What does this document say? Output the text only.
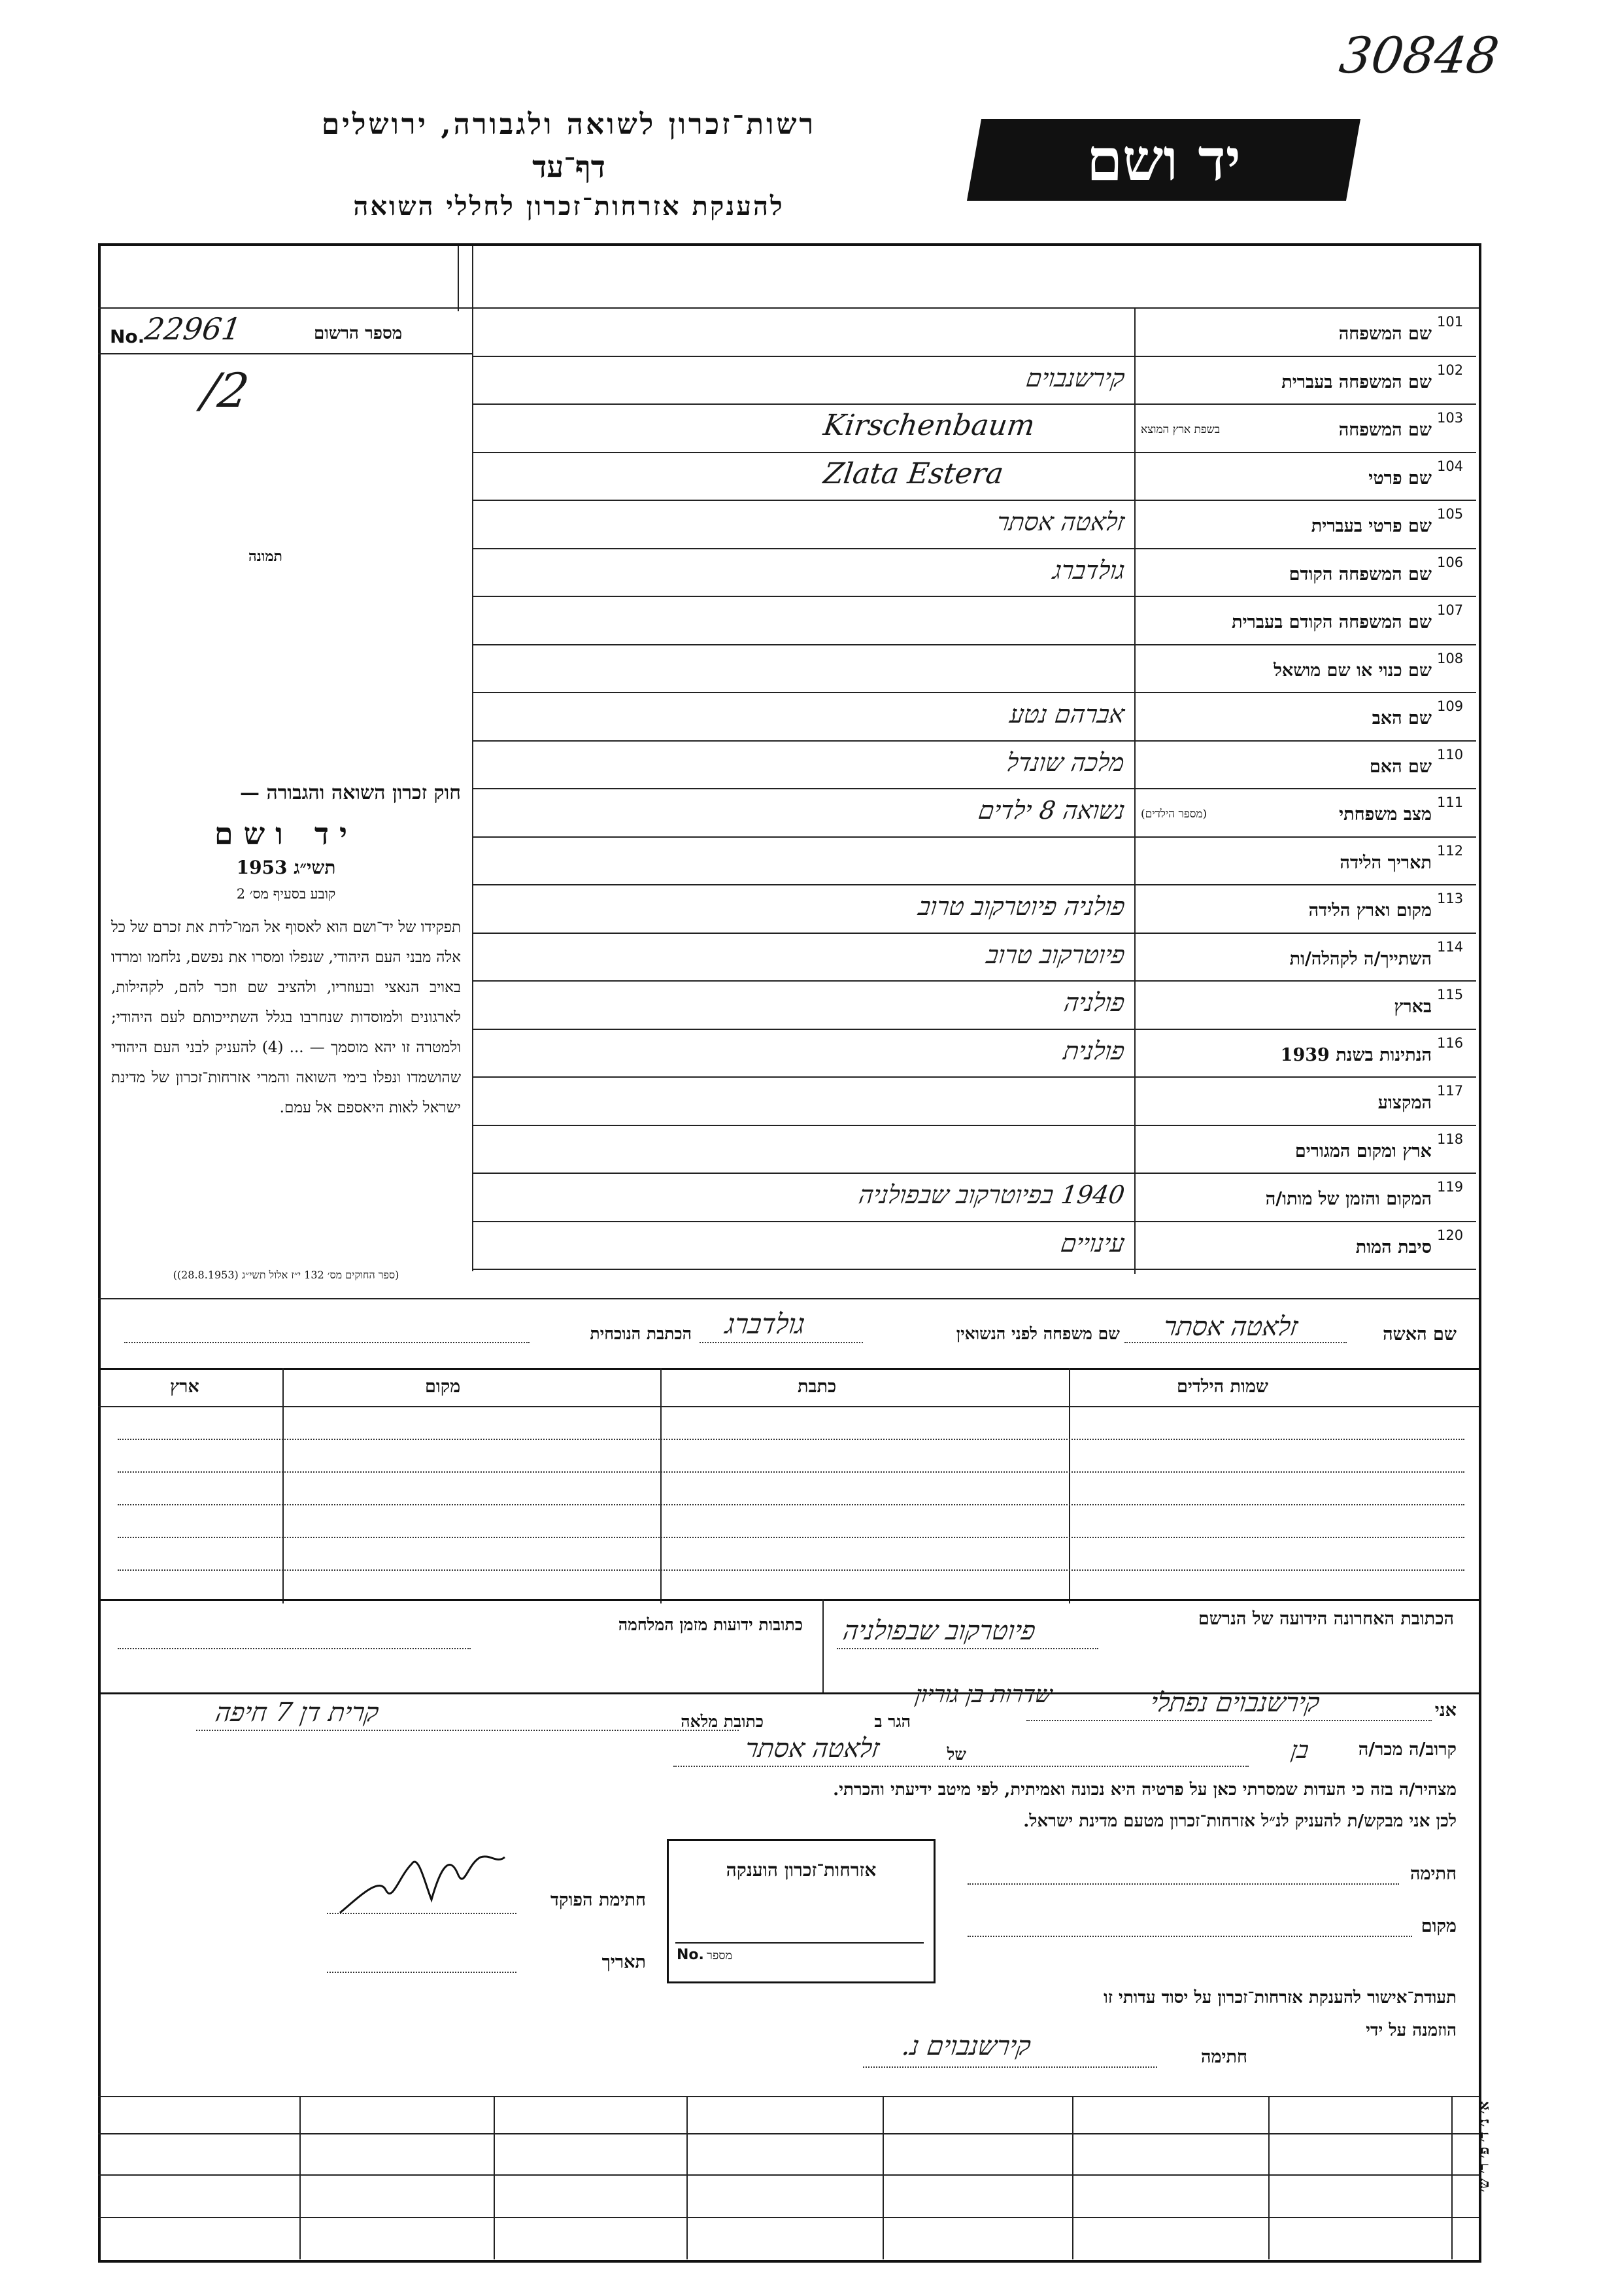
30848
יד ושם
רשות־זכרון לשואה ולגבורה, ירושלים
דף־עד
להענקת אזרחות־זכרון לחללי השואה
מספר הרשום
No.
22961
/2
תמונה
חוק זכרון השואה והגבורה —
יד ושם
תשי״ג 1953
קובע בסעיף מס׳ 2
תפקידו של יד־ושם הוא לאסוף אל המו־לדת את זכרם של כל אלה מבני העם היהודי, שנפלו ומסרו את נפשם, נלחמו ומרדו באויב הנאצי ובעוזריו, ולהציב שם וזכר להם, לקהילות, לארגונים ולמוסדות שנחרבו בגלל השתייכותם לעם היהודי; ולמטרה זו יהא מוסמך — ... (4) להעניק לבני העם היהודי שהושמדו ונפלו בימי השואה והמרי אזרחות־זכרון של מדינת ישראל לאות היאספם אל עמם.
(ספר החוקים מס׳ 132 י״ז אלול תשי״ג (28.8.1953))
101
שם המשפחה
102
שם המשפחה בעברית
קירשנבוים
103
שם המשפחה
בשפת ארץ המוצא
Kirschenbaum
104
שם פרטי
Zlata Estera
105
שם פרטי בעברית
זלאטה אסתר
106
שם המשפחה הקודם
גולדברג
107
שם המשפחה הקודם בעברית
108
שם כנוי או שם מושאל
109
שם האב
אברהם נטע
110
שם האם
מלכה שונדל
111
מצב משפחתי
(מספר הילדים)
נשואה 8 ילדים
112
תאריך הלידה
113
מקום וארץ הלידה
פולניה פיוטרקוב טרוב
114
השתייך/ה לקהלה/ות
פיוטרקוב טרוב
115
בארץ
פולניה
116
הנתינות בשנת 1939
פולנית
117
המקצוע
118
ארץ ומקום המגורים
119
המקום והזמן של מותו/ה
1940 בפיוטרקוב שבפולניה
120
סיבת המות
עינויים
שם האשה
זלאטה אסתר
שם משפחה לפני הנשואין
גולדברג
הכתבת הנוכחית
שמות הילדים
כתבת
מקום
ארץ
הכתובת האחרונה הידועה של הנרשם
פיוטרקוב שבפולניה
כתובות ידועות מזמן המלחמה
אני
קירשנבוים נפתלי
הגר ב
שדרות בן גוריון
כתובת מלאה
קרית דן 7 חיפה
קרוב/ה מכר/ה
בן
של
זלאטה אסתר
מצהיר/ה בזה כי העדות שמסרתי כאן על פרטיה היא נכונה ואמיתית, לפי מיטב ידיעתי והכרתי.
לכן אני מבקש/ת להעניק לנ״ל אזרחות־זכרון מטעם מדינת ישראל.
חתימה
מקום
אזרחות־זכרון הוענקה
מספר
No.
חתימת הפוקד
תאריך
תעודת־אישור להענקת אזרחות־זכרון על יסוד עדותי זו
הוזמנה על ידי
חתימה
קירשנבוים נ.
א׳ נ׳ ד׳ פ׳ ר׳ ש׳
